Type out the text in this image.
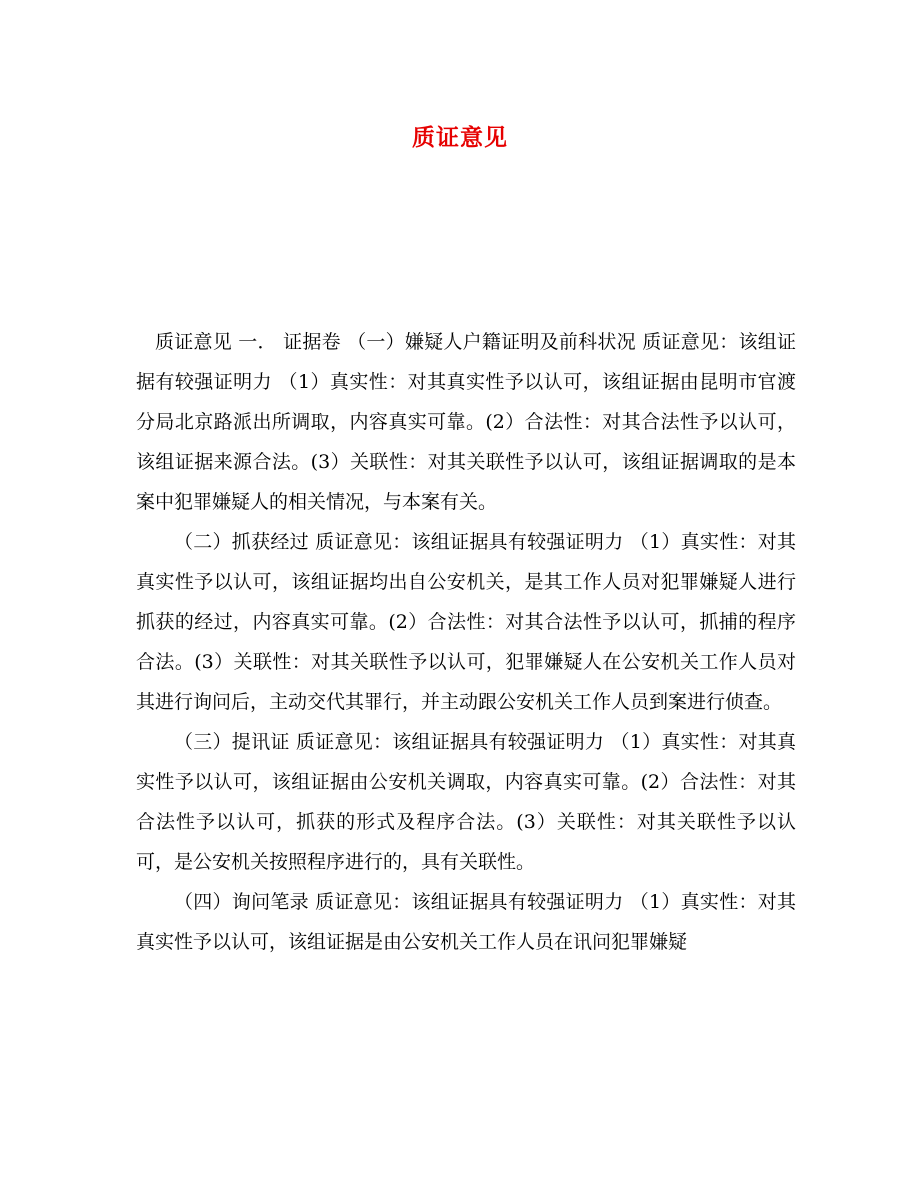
质证意见

质证意见 一． 证据卷 （一）嫌疑人户籍证明及前科状况 质证意见：该组证据有较强证明力 （1）真实性：对其真实性予以认可，该组证据由昆明市官渡分局北京路派出所调取，内容真实可靠。(2）合法性：对其合法性予以认可，该组证据来源合法。(3）关联性：对其关联性予以认可，该组证据调取的是本案中犯罪嫌疑人的相关情况，与本案有关。

（二）抓获经过 质证意见：该组证据具有较强证明力 （1）真实性：对其真实性予以认可，该组证据均出自公安机关，是其工作人员对犯罪嫌疑人进行抓获的经过，内容真实可靠。(2）合法性：对其合法性予以认可，抓捕的程序合法。(3）关联性：对其关联性予以认可，犯罪嫌疑人在公安机关工作人员对其进行询问后，主动交代其罪行，并主动跟公安机关工作人员到案进行侦查。

（三）提讯证 质证意见：该组证据具有较强证明力 （1）真实性：对其真实性予以认可，该组证据由公安机关调取，内容真实可靠。(2）合法性：对其合法性予以认可，抓获的形式及程序合法。(3）关联性：对其关联性予以认可，是公安机关按照程序进行的，具有关联性。

（四）询问笔录 质证意见：该组证据具有较强证明力 （1）真实性：对其真实性予以认可，该组证据是由公安机关工作人员在讯问犯罪嫌疑
